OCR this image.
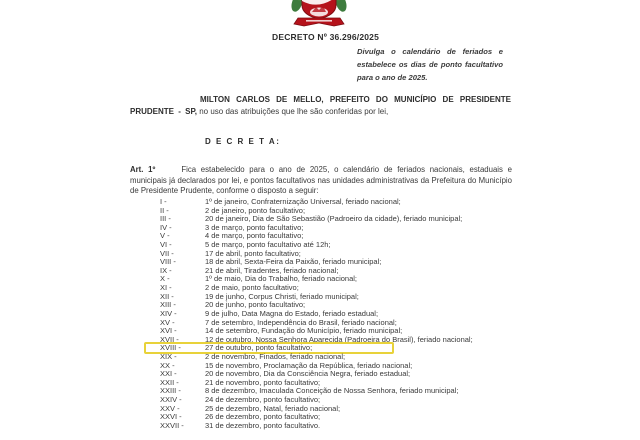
DECRETO Nº 36.296/2025
Divulga o calendário de feriados e estabelece os dias de ponto facultativo para o ano de 2025.

MILTON CARLOS DE MELLO, PREFEITO DO MUNICÍPIO DE PRESIDENTE PRUDENTE - SP, no uso das atribuições que lhe são conferidas por lei,

D E C R E T A:

Art. 1º	Fica estabelecido para o ano de 2025, o calendário de feriados nacionais, estaduais e municipais já declarados por lei, e pontos facultativos nas unidades administrativas da Prefeitura do Município de Presidente Prudente, conforme o disposto a seguir:

I -	1º de janeiro, Confraternização Universal, feriado nacional;
II -	2 de janeiro, ponto facultativo;
III -	20 de janeiro, Dia de São Sebastião (Padroeiro da cidade), feriado municipal;
IV -	3 de março, ponto facultativo;
V -	4 de março, ponto facultativo;
VI -	5 de março, ponto facultativo até 12h;
VII -	17 de abril, ponto facultativo;
VIII -	18 de abril, Sexta-Feira da Paixão, feriado municipal;
IX -	21 de abril, Tiradentes, feriado nacional;
X -	1º de maio, Dia do Trabalho, feriado nacional;
XI -	2 de maio, ponto facultativo;
XII -	19 de junho, Corpus Christi, feriado municipal;
XIII -	20 de junho, ponto facultativo;
XIV -	9 de julho, Data Magna do Estado, feriado estadual;
XV -	7 de setembro, Independência do Brasil, feriado nacional;
XVI -	14 de setembro, Fundação do Município, feriado municipal;
XVII -	12 de outubro, Nossa Senhora Aparecida (Padroeira do Brasil), feriado nacional;
XVIII -	27 de outubro, ponto facultativo;
XIX -	2 de novembro, Finados, feriado nacional;
XX -	15 de novembro, Proclamação da República, feriado nacional;
XXI -	20 de novembro, Dia da Consciência Negra, feriado estadual;
XXII -	21 de novembro, ponto facultativo;
XXIII -	8 de dezembro, Imaculada Conceição de Nossa Senhora, feriado municipal;
XXIV -	24 de dezembro, ponto facultativo;
XXV -	25 de dezembro, Natal, feriado nacional;
XXVI -	26 de dezembro, ponto facultativo;
XXVII -	31 de dezembro, ponto facultativo.
